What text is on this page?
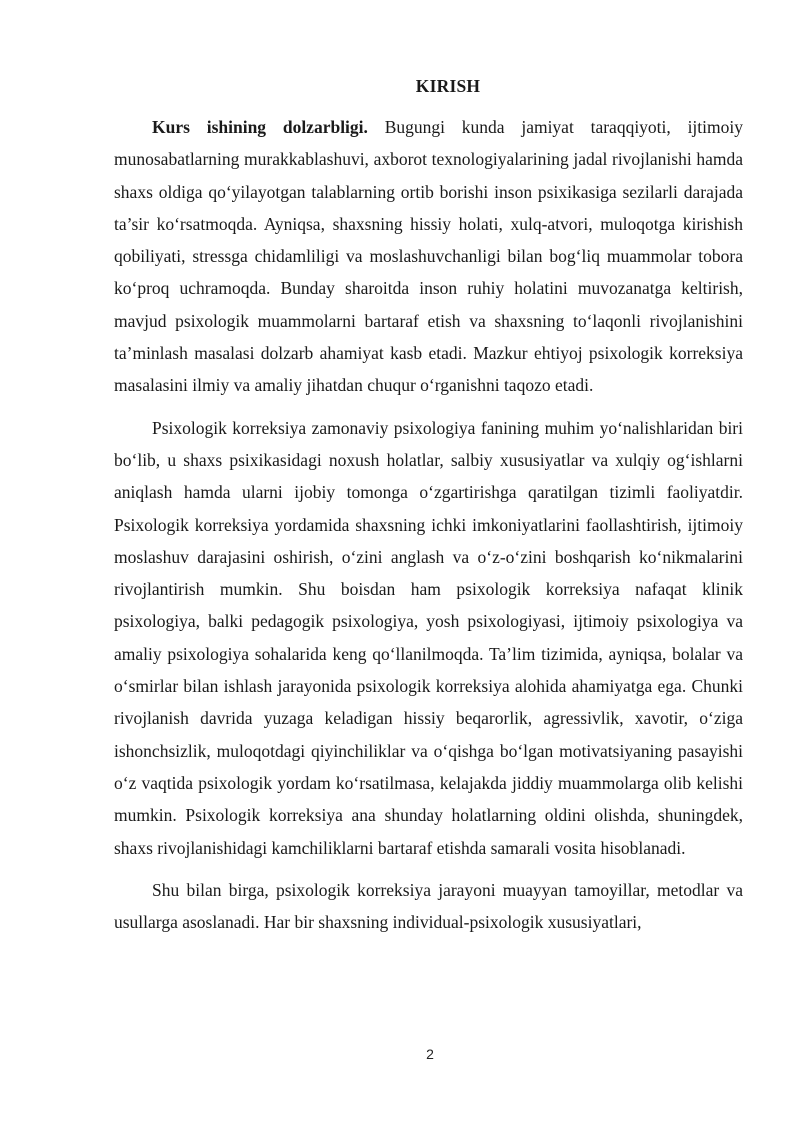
KIRISH

Kurs ishining dolzarbligi. Bugungi kunda jamiyat taraqqiyoti, ijtimoiy munosabatlarning murakkablashuvi, axborot texnologiyalarining jadal rivojlanishi hamda shaxs oldiga qo‘yilayotgan talablarning ortib borishi inson psixikasiga sezilarli darajada ta’sir ko‘rsatmoqda. Ayniqsa, shaxsning hissiy holati, xulq-atvori, muloqotga kirishish qobiliyati, stressga chidamliligi va moslashuvchanligi bilan bog‘liq muammolar tobora ko‘proq uchramoqda. Bunday sharoitda inson ruhiy holatini muvozanatga keltirish, mavjud psixologik muammolarni bartaraf etish va shaxsning to‘laqonli rivojlanishini ta’minlash masalasi dolzarb ahamiyat kasb etadi. Mazkur ehtiyoj psixologik korreksiya masalasini ilmiy va amaliy jihatdan chuqur o‘rganishni taqozo etadi.

Psixologik korreksiya zamonaviy psixologiya fanining muhim yo‘nalishlaridan biri bo‘lib, u shaxs psixikasidagi noxush holatlar, salbiy xususiyatlar va xulqiy og‘ishlarni aniqlash hamda ularni ijobiy tomonga o‘zgartirishga qaratilgan tizimli faoliyatdir. Psixologik korreksiya yordamida shaxsning ichki imkoniyatlarini faollashtirish, ijtimoiy moslashuv darajasini oshirish, o‘zini anglash va o‘z-o‘zini boshqarish ko‘nikmalarini rivojlantirish mumkin. Shu boisdan ham psixologik korreksiya nafaqat klinik psixologiya, balki pedagogik psixologiya, yosh psixologiyasi, ijtimoiy psixologiya va amaliy psixologiya sohalarida keng qo‘llanilmoqda. Ta’lim tizimida, ayniqsa, bolalar va o‘smirlar bilan ishlash jarayonida psixologik korreksiya alohida ahamiyatga ega. Chunki rivojlanish davrida yuzaga keladigan hissiy beqarorlik, agressivlik, xavotir, o‘ziga ishonchsizlik, muloqotdagi qiyinchiliklar va o‘qishga bo‘lgan motivatsiyaning pasayishi o‘z vaqtida psixologik yordam ko‘rsatilmasa, kelajakda jiddiy muammolarga olib kelishi mumkin. Psixologik korreksiya ana shunday holatlarning oldini olishda, shuningdek, shaxs rivojlanishidagi kamchiliklarni bartaraf etishda samarali vosita hisoblanadi.

Shu bilan birga, psixologik korreksiya jarayoni muayyan tamoyillar, metodlar va usullarga asoslanadi. Har bir shaxsning individual-psixologik xususiyatlari,

2
